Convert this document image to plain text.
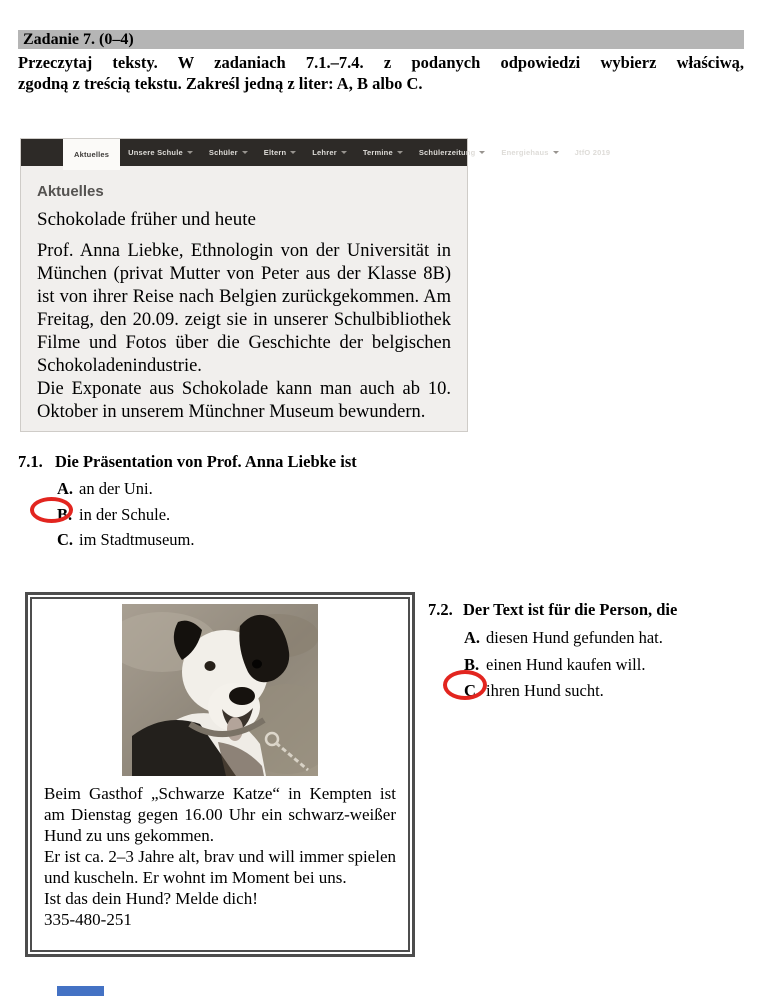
Zadanie 7. (0–4)
Przeczytaj teksty. W zadaniach 7.1.–7.4. z podanych odpowiedzi wybierz właściwą,
zgodną z treścią tekstu. Zakreśl jedną z liter: A, B albo C.
Aktuelles	Unsere Schule	Schüler	Eltern	Lehrer	Termine	Schülerzeitung	Energiehaus	JtfO 2019
Aktuelles
Schokolade früher und heute

Prof. Anna Liebke, Ethnologin von der Universität in München (privat Mutter von Peter aus der Klasse 8B) ist von ihrer Reise nach Belgien zurückgekommen. Am Freitag, den 20.09. zeigt sie in unserer Schulbibliothek Filme und Fotos über die Geschichte der belgischen Schokoladenindustrie.

Die Exponate aus Schokolade kann man auch ab 10. Oktober in unserem Münchner Museum bewundern.

7.1. Die Präsentation von Prof. Anna Liebke ist
A. an der Uni.
B. in der Schule.
C. im Stadtmuseum.

Beim Gasthof „Schwarze Katze“ in Kempten ist am Dienstag gegen 16.00 Uhr ein schwarz-weißer Hund zu uns gekommen.

Er ist ca. 2–3 Jahre alt, brav und will immer spielen und kuscheln. Er wohnt im Moment bei uns.

Ist das dein Hund? Melde dich!

335-480-251

7.2. Der Text ist für die Person, die
A. diesen Hund gefunden hat.
B. einen Hund kaufen will.
C. ihren Hund sucht.
